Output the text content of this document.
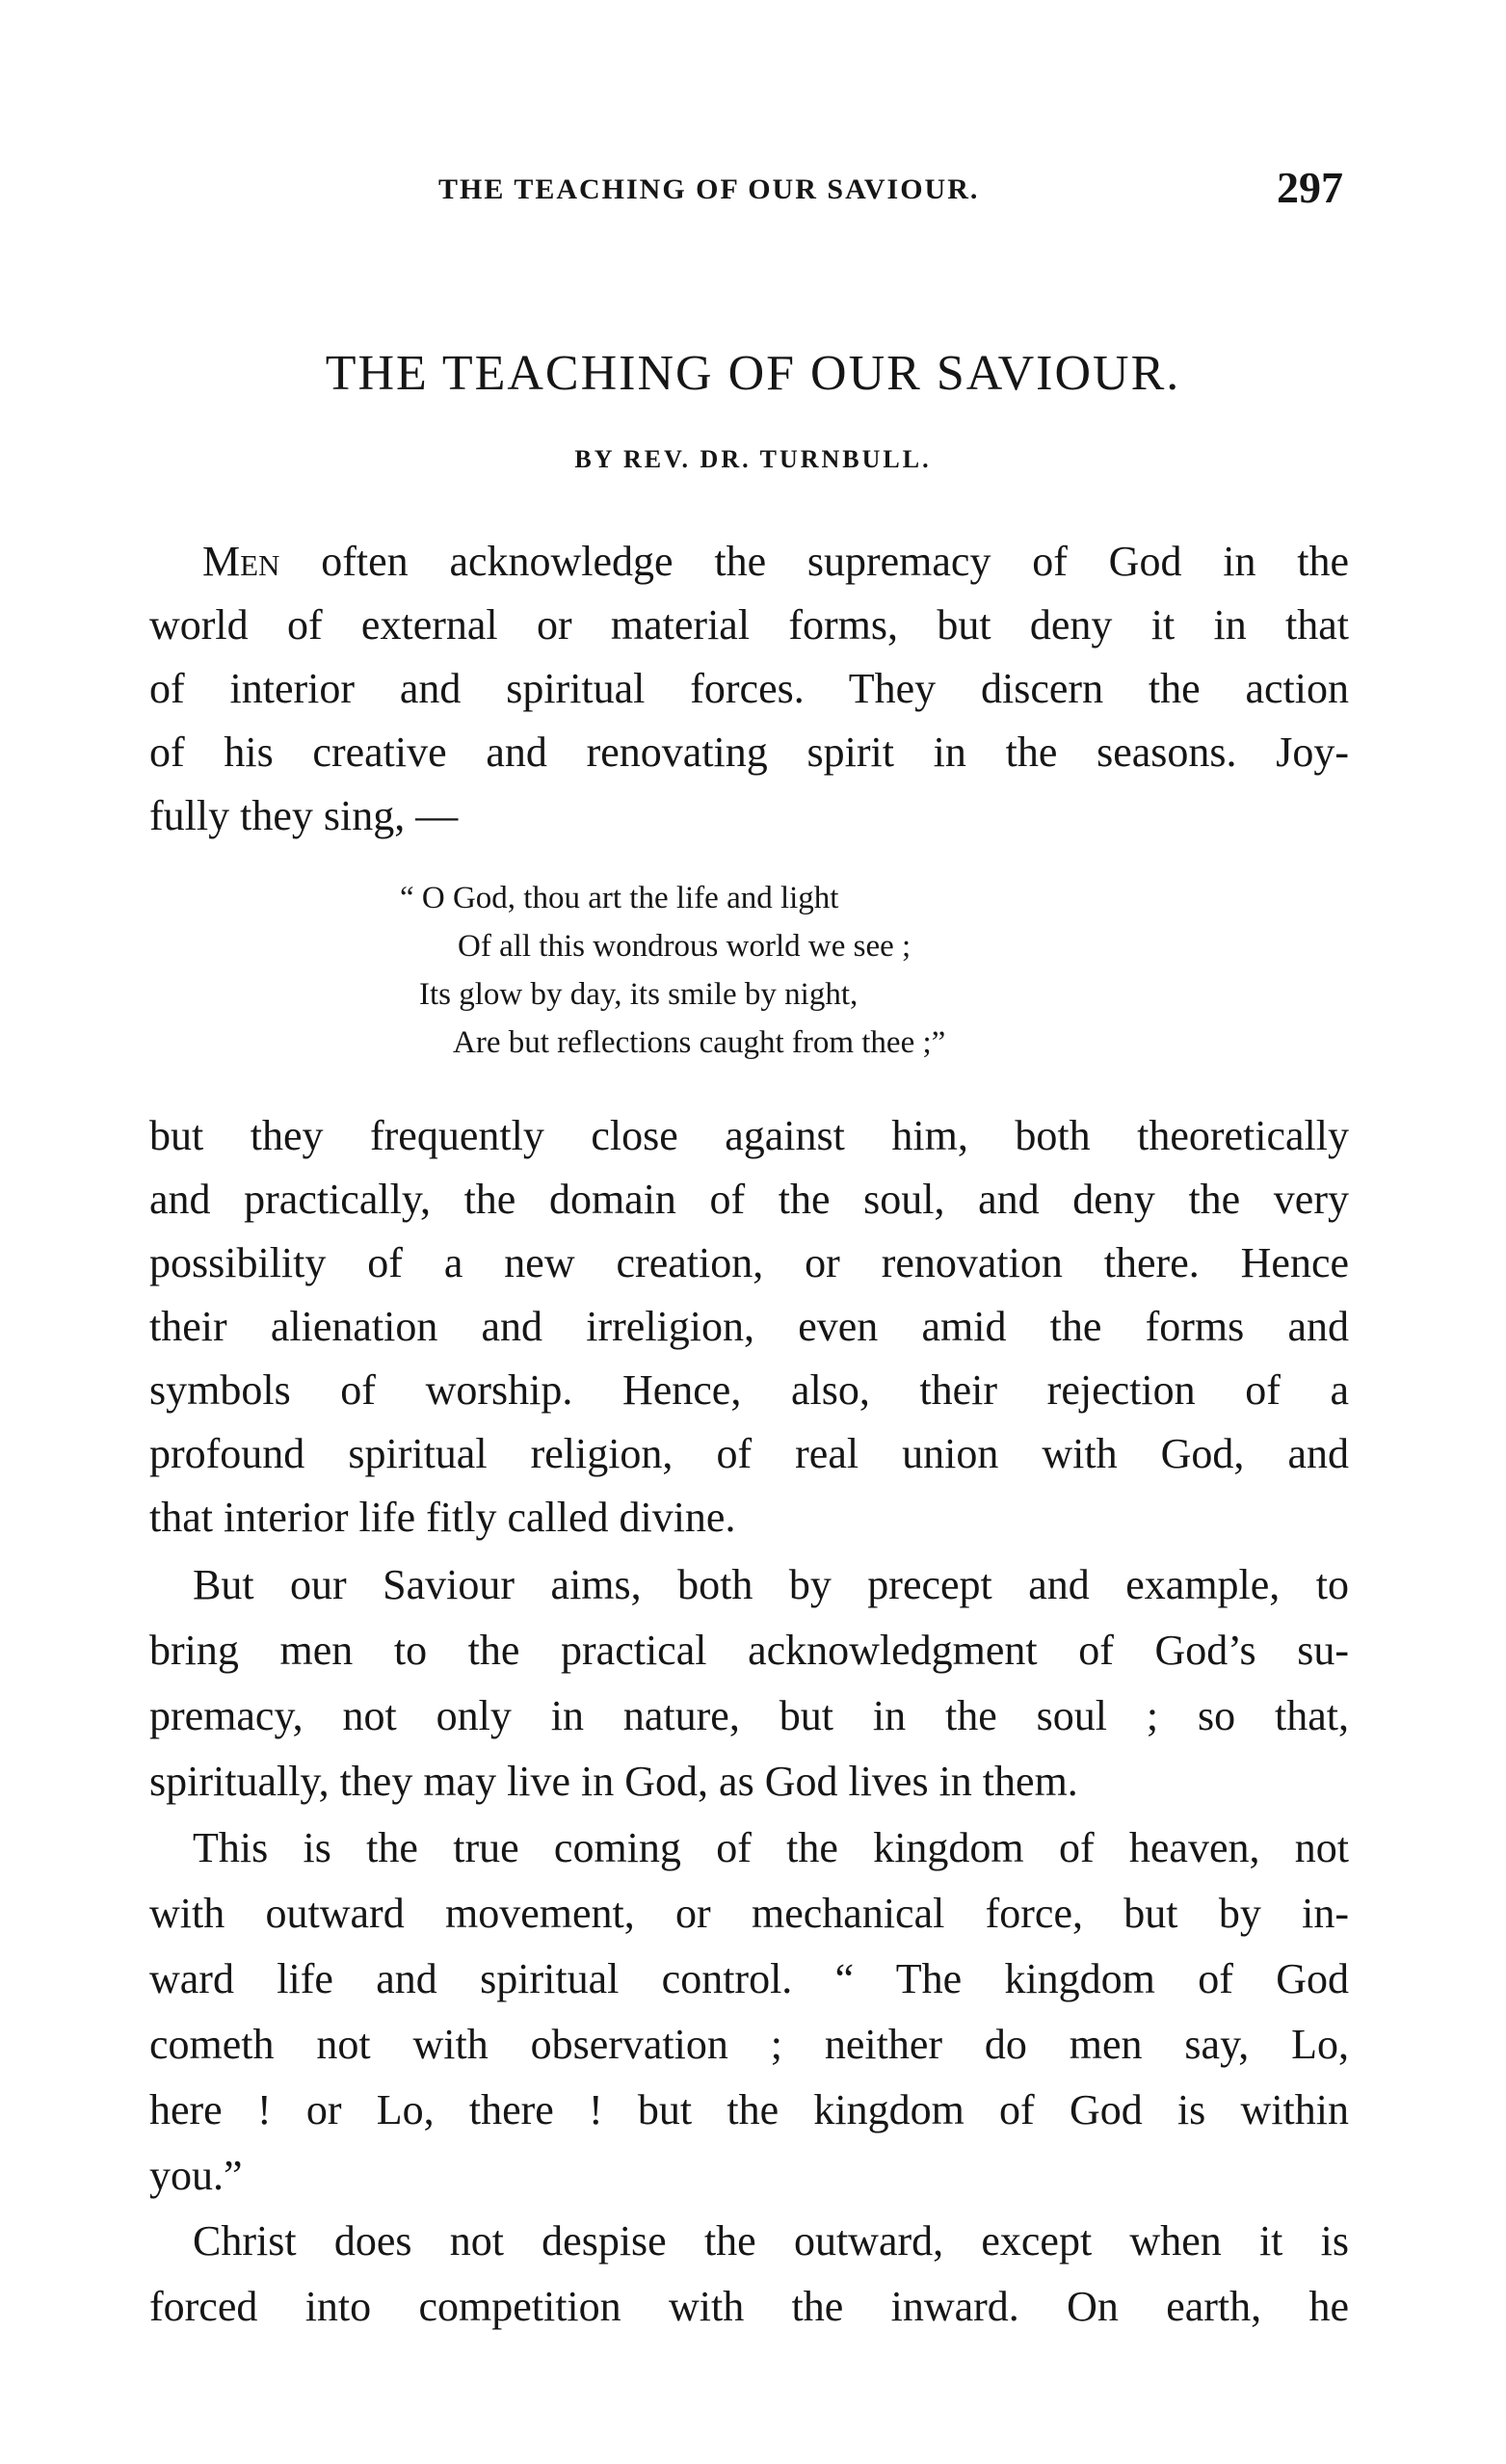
THE TEACHING OF OUR SAVIOUR.	297
THE TEACHING OF OUR SAVIOUR.
BY REV. DR. TURNBULL.
Men often acknowledge the supremacy of God in the
world of external or material forms, but deny it in that
of interior and spiritual forces. They discern the action
of his creative and renovating spirit in the seasons. Joy-
fully they sing, —
“ O God, thou art the life and light
Of all this wondrous world we see ;
Its glow by day, its smile by night,
Are but reflections caught from thee ;”
but they frequently close against him, both theoretically
and practically, the domain of the soul, and deny the very
possibility of a new creation, or renovation there. Hence
their alienation and irreligion, even amid the forms and
symbols of worship. Hence, also, their rejection of a
profound spiritual religion, of real union with God, and
that interior life fitly called divine.
But our Saviour aims, both by precept and example, to
bring men to the practical acknowledgment of God’s su-
premacy, not only in nature, but in the soul ; so that,
spiritually, they may live in God, as God lives in them.
This is the true coming of the kingdom of heaven, not
with outward movement, or mechanical force, but by in-
ward life and spiritual control. “ The kingdom of God
cometh not with observation ; neither do men say, Lo,
here ! or Lo, there ! but the kingdom of God is within
you.”
Christ does not despise the outward, except when it is
forced into competition with the inward. On earth, he
